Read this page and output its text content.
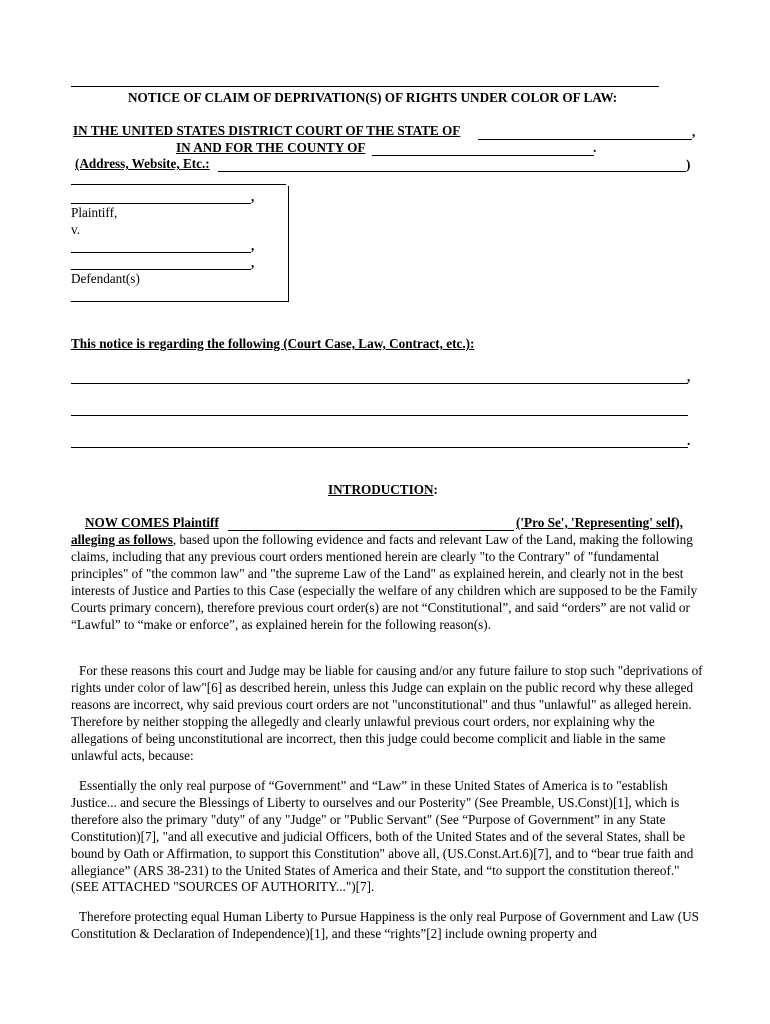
NOTICE OF CLAIM OF DEPRIVATION(S) OF RIGHTS UNDER COLOR OF LAW:
IN THE UNITED STATES DISTRICT COURT OF THE STATE OF	,
IN AND FOR THE COUNTY OF	.
(Address, Website, Etc.:	)
,
Plaintiff,
v.
,
,
Defendant(s)
This notice is regarding the following (Court Case, Law, Contract, etc.):
,
.
INTRODUCTION:
NOW COMES Plaintiff	('Pro Se', 'Representing' self),

alleging as follows, based upon the following evidence and facts and relevant Law of the Land, making the following claims, including that any previous court orders mentioned herein are clearly "to the Contrary" of "fundamental principles" of "the common law" and "the supreme Law of the Land" as explained herein, and clearly not in the best interests of Justice and Parties to this Case (especially the welfare of any children which are supposed to be the Family Courts primary concern), therefore previous court order(s) are not “Constitutional”, and said “orders” are not valid or “Lawful” to “make or enforce”, as explained herein for the following reason(s).

For these reasons this court and Judge may be liable for causing and/or any future failure to stop such "deprivations of rights under color of law"[6] as described herein, unless this Judge can explain on the public record why these alleged reasons are incorrect, why said previous court orders are not "unconstitutional" and thus "unlawful" as alleged herein. Therefore by neither stopping the allegedly and clearly unlawful previous court orders, nor explaining why the allegations of being unconstitutional are incorrect, then this judge could become complicit and liable in the same unlawful acts, because:

Essentially the only real purpose of “Government” and “Law” in these United States of America is to "establish Justice... and secure the Blessings of Liberty to ourselves and our Posterity" (See Preamble, US.Const)[1], which is therefore also the primary "duty" of any "Judge" or "Public Servant" (See “Purpose of Government” in any State Constitution)[7], "and all executive and judicial Officers, both of the United States and of the several States, shall be bound by Oath or Affirmation, to support this Constitution" above all, (US.Const.Art.6)[7], and to “bear true faith and allegiance” (ARS 38-231) to the United States of America and their State, and “to support the constitution thereof." (SEE ATTACHED "SOURCES OF AUTHORITY...")[7].

Therefore protecting equal Human Liberty to Pursue Happiness is the only real Purpose of Government and Law (US Constitution & Declaration of Independence)[1], and these “rights”[2] include owning property and
